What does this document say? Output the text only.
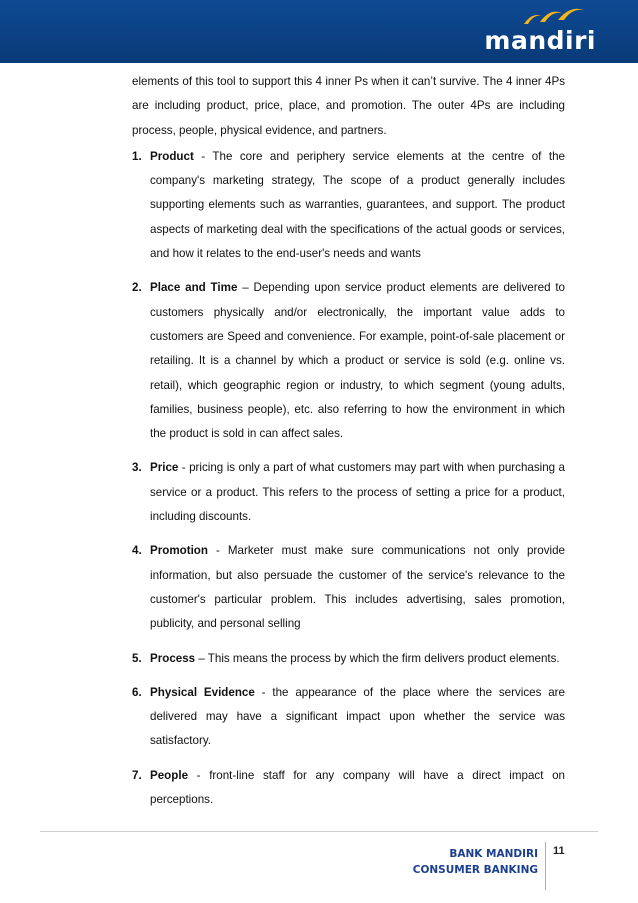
mandiri

elements of this tool to support this 4 inner Ps when it can’t survive. The 4 inner 4Ps are including product, price, place, and promotion. The outer 4Ps are including process, people, physical evidence, and partners.

1. Product - The core and periphery service elements at the centre of the company's marketing strategy, The scope of a product generally includes supporting elements such as warranties, guarantees, and support. The product aspects of marketing deal with the specifications of the actual goods or services, and how it relates to the end-user's needs and wants
2. Place and Time – Depending upon service product elements are delivered to customers physically and/or electronically, the important value adds to customers are Speed and convenience. For example, point-of-sale placement or retailing. It is a channel by which a product or service is sold (e.g. online vs. retail), which geographic region or industry, to which segment (young adults, families, business people), etc. also referring to how the environment in which the product is sold in can affect sales.
3. Price - pricing is only a part of what customers may part with when purchasing a service or a product. This refers to the process of setting a price for a product, including discounts.
4. Promotion - Marketer must make sure communications not only provide information, but also persuade the customer of the service's relevance to the customer's particular problem. This includes advertising, sales promotion, publicity, and personal selling
5. Process – This means the process by which the firm delivers product elements.
6. Physical Evidence - the appearance of the place where the services are delivered may have a significant impact upon whether the service was satisfactory.
7. People - front-line staff for any company will have a direct impact on perceptions.
BANK MANDIRI
CONSUMER BANKING
11
